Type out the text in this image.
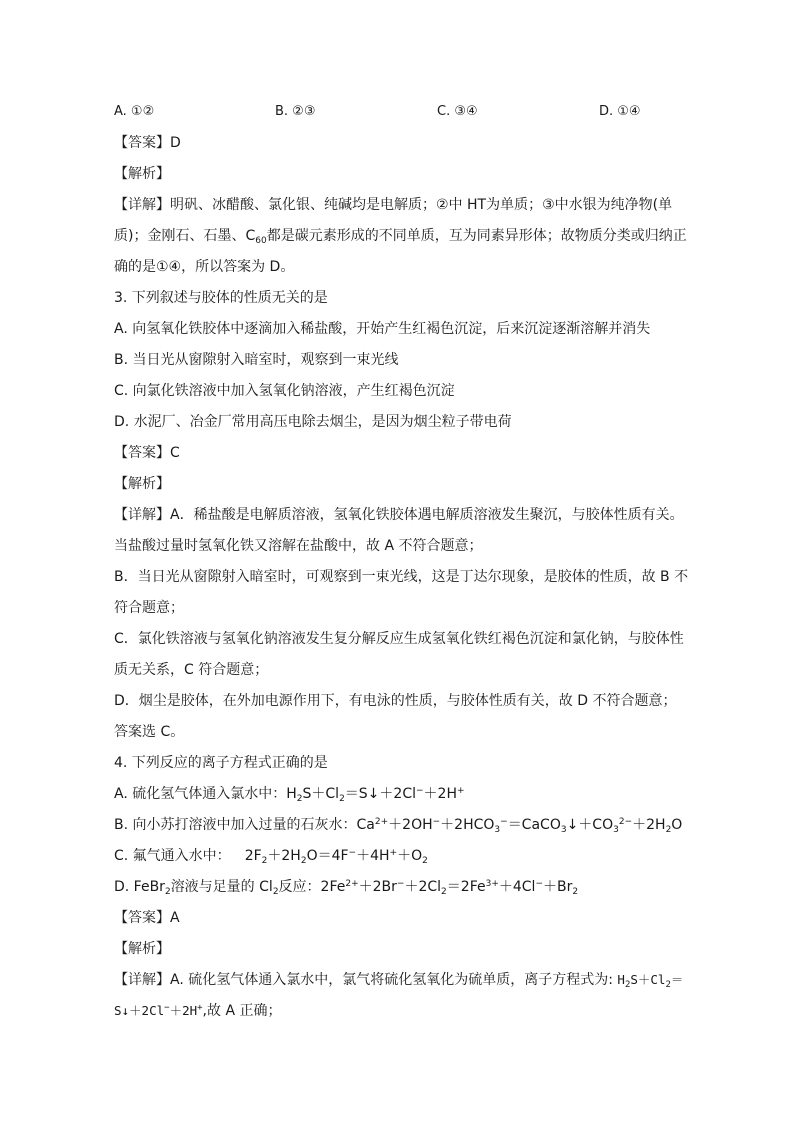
A. ①②	B. ②③	C. ③④	D. ①④
【答案】D
【解析】
【详解】明矾、冰醋酸、氯化银、纯碱均是电解质；②中 HT为单质；③中水银为纯净物(单
质)；金刚石、石墨、$C_{60}$都是碳元素形成的不同单质，互为同素异形体；故物质分类或归纳正
确的是①④，所以答案为 D。
3. 下列叙述与胶体的性质无关的是
A. 向氢氧化铁胶体中逐滴加入稀盐酸，开始产生红褐色沉淀，后来沉淀逐渐溶解并消失
B. 当日光从窗隙射入暗室时，观察到一束光线
C. 向氯化铁溶液中加入氢氧化钠溶液，产生红褐色沉淀
D. 水泥厂、冶金厂常用高压电除去烟尘，是因为烟尘粒子带电荷
【答案】C
【解析】
【详解】A．稀盐酸是电解质溶液，氢氧化铁胶体遇电解质溶液发生聚沉，与胶体性质有关。
当盐酸过量时氢氧化铁又溶解在盐酸中，故 A 不符合题意；
B．当日光从窗隙射入暗室时，可观察到一束光线，这是丁达尔现象，是胶体的性质，故 B 不
符合题意；
C．氯化铁溶液与氢氧化钠溶液发生复分解反应生成氢氧化铁红褐色沉淀和氯化钠，与胶体性
质无关系，C 符合题意；
D．烟尘是胶体，在外加电源作用下，有电泳的性质，与胶体性质有关，故 D 不符合题意；
答案选 C。
4. 下列反应的离子方程式正确的是
A. 硫化氢气体通入氯水中：$H_2S+Cl_2=S↓+2Cl^-+2H^+$
B. 向小苏打溶液中加入过量的石灰水：$Ca^{2+}+2OH^-+2HCO_3^-=CaCO_3↓+CO_3^{2-}+2H_2O$
C. 氟气通入水中： $2F_2+2H_2O=4F^-+4H^++O_2$
D. FeBr$_2$溶液与足量的 $Cl_2$反应：$2Fe^{2+}+2Br^-+2Cl_2=2Fe^{3+}+4Cl^-+Br_2$
【答案】A
【解析】
【详解】A. 硫化氢气体通入氯水中，氯气将硫化氢氧化为硫单质，离子方程式为: $H_2S+Cl_2=$
S↓＋2Cl−＋2H+,故 A 正确；
